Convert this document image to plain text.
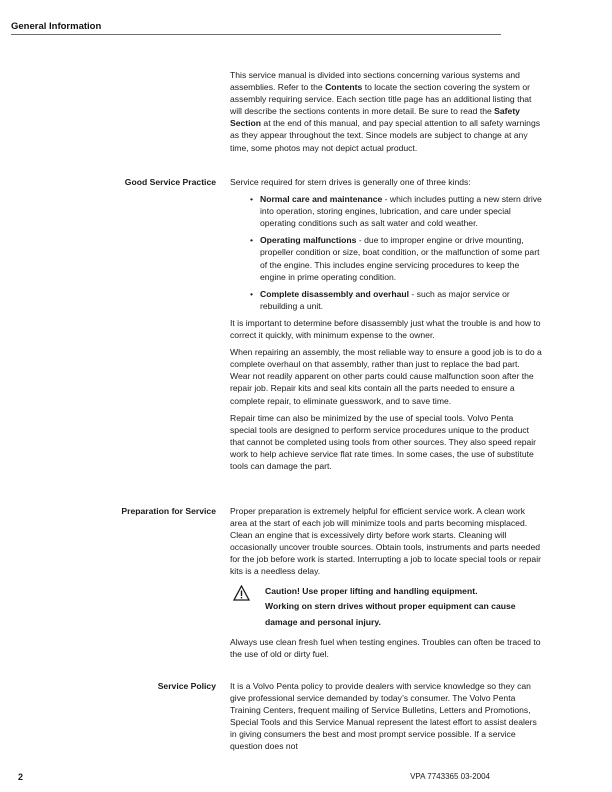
General Information

This service manual is divided into sections concerning various systems and assemblies. Refer to the Contents to locate the section covering the system or assembly requiring service. Each section title page has an additional listing that will describe the sections contents in more detail. Be sure to read the Safety Section at the end of this manual, and pay special attention to all safety warnings as they appear throughout the text. Since models are subject to change at any time, some photos may not depict actual product.

Good Service Practice Service required for stern drives is generally one of three kinds:

• Normal care and maintenance - which includes putting a new stern drive into operation, storing engines, lubrication, and care under special operating conditions such as salt water and cold weather.
• Operating malfunctions - due to improper engine or drive mounting, propeller condition or size, boat condition, or the malfunction of some part of the engine. This includes engine servicing procedures to keep the engine in prime operating condition.
• Complete disassembly and overhaul - such as major service or rebuilding a unit.

It is important to determine before disassembly just what the trouble is and how to correct it quickly, with minimum expense to the owner.

When repairing an assembly, the most reliable way to ensure a good job is to do a complete overhaul on that assembly, rather than just to replace the bad part. Wear not readily apparent on other parts could cause malfunction soon after the repair job. Repair kits and seal kits contain all the parts needed to ensure a complete repair, to eliminate guesswork, and to save time.

Repair time can also be minimized by the use of special tools. Volvo Penta special tools are designed to perform service procedures unique to the product that cannot be completed using tools from other sources. They also speed repair work to help achieve service flat rate times. In some cases, the use of substitute tools can damage the part.

Preparation for Service Proper preparation is extremely helpful for efficient service work. A clean work area at the start of each job will minimize tools and parts becoming misplaced. Clean an engine that is excessively dirty before work starts. Cleaning will occasionally uncover trouble sources. Obtain tools, instruments and parts needed for the job before work is started. Interrupting a job to locate special tools or repair kits is a needless delay.

Caution! Use proper lifting and handling equipment.
Working on stern drives without proper equipment can cause damage and personal injury.

Always use clean fresh fuel when testing engines. Troubles can often be traced to the use of old or dirty fuel.

Service Policy It is a Volvo Penta policy to provide dealers with service knowledge so they can give professional service demanded by today’s consumer. The Volvo Penta Training Centers, frequent mailing of Service Bulletins, Letters and Promotions, Special Tools and this Service Manual represent the latest effort to assist dealers in giving consumers the best and most prompt service possible. If a service question does not

2	VPA 7743365 03-2004
